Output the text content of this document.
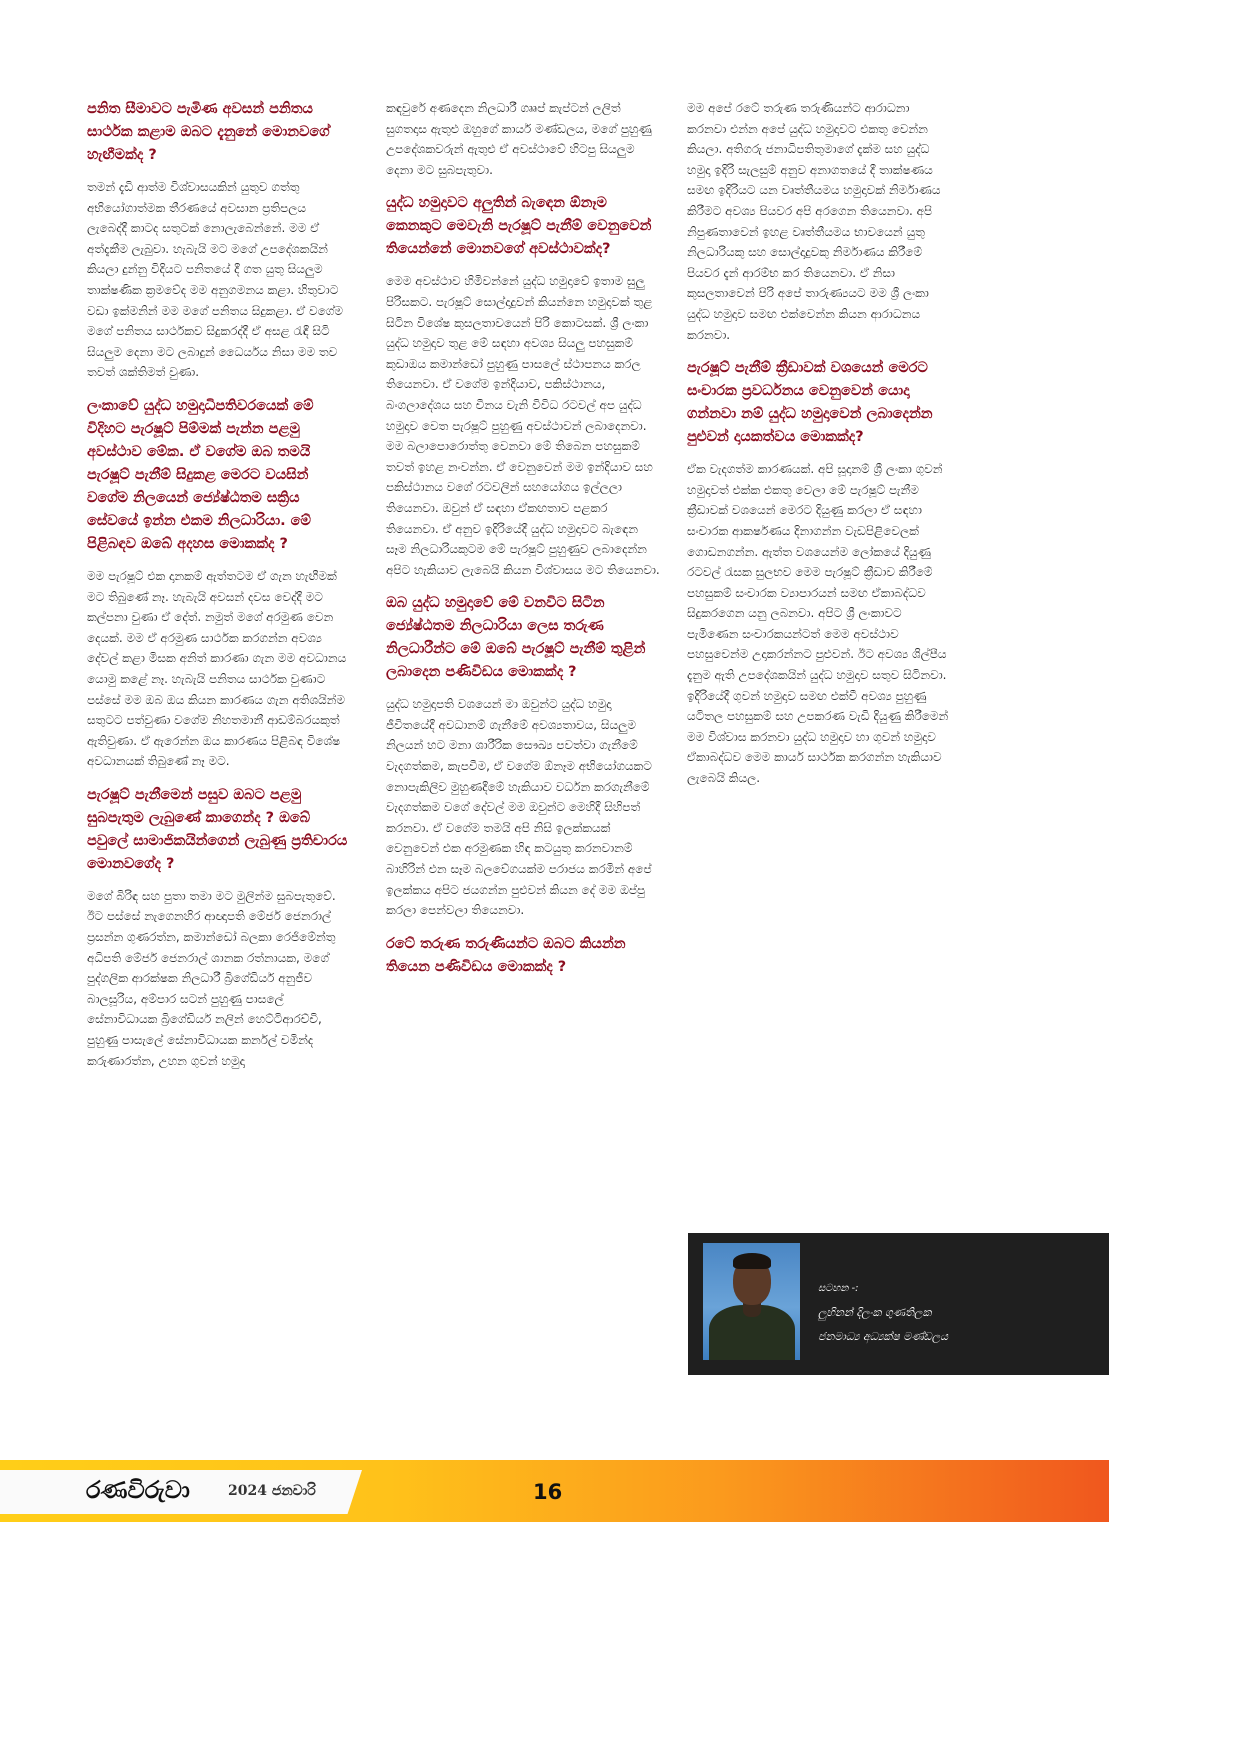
පනිත සීමාවට පැමිණ අවසන් පනිතය සාර්ථක කළාම ඔබට දැනුනේ මොනවගේ හැඟීමක්ද ?
තමන් දැඩි ආත්ම විශ්වාසයකින් යුතුව ගත්තු අභියෝගාත්මක තීරණයේ අවසාන ප්‍රතිපලය ලැබෙද්දී කාටද සතුටක් නොලැබෙන්නේ. මම ඒ අත්දැකීම ලැබුවා. හැබැයි මට මගේ උපදේශකයින් කියලා දුන්නු විදියට පනිතයේ දී ගත යුතු සියලුම තාක්ෂණික ක්‍රමවේද මම අනුගමනය කළා. හිතුවාට වඩා ඉක්මනින් මම මගේ පනිතය සිදුකළා. ඒ වගේම මගේ පනිතය සාර්ථකව සිදුකරද්දී ඒ අසළ රැඳී සිටි සියලුම දෙනා මට ලබාදුන් ධෛර්යය නිසා මම තව තවත් ශක්තිමත් වුණා.
ලංකාවේ යුද්ධ හමුදාධිපතිවරයෙක් මේ විදිහට පැරෂූට් පිම්මක් පැන්න පළමු අවස්ථාව මේක. ඒ වගේම ඔබ තමයි පැරෂූට් පැනීම් සිදුකළ මෙරට වයසින් වගේම නිලයෙන් ජ්‍යේෂ්ඨතම සක්‍රිය සේවයේ ඉන්න එකම නිලධාරියා. මේ පිළිබඳව ඔබේ අදහස මොකක්ද ?
මම පැරෂූට් එක දානකම් ඇත්තටම ඒ ගැන හැඟීමක් මට තිබුණේ නෑ. හැබැයි අවසන් දවස වෙද්දී මට කල්පනා වුණා ඒ දේත්. නමුත් මගේ අරමුණ වෙන දෙයක්. මම ඒ අරමුණ සාර්ථක කරගන්න අවශ්‍ය දේවල් කළා මිසක අනිත් කාරණා ගැන මම අවධානය යොමු කළේ නෑ. හැබැයි පනිතය සාර්ථක වුණාට පස්සේ මම ඔබ ඔය කියන කාරණය ගැන අතිශයින්ම සතුටට පත්වුණා වගේම නිහතමානී ආඩම්බරයකුත් ඇතිවුණා. ඒ ඇරෙන්න ඔය කාරණය පිළිබඳ විශේෂ අවධානයක් තිබුණේ නෑ මට.
පැරෂූට් පැනීමෙන් පසුව ඔබට පළමු සුබපැතුම ලැබුණේ කාගෙන්ද ? ඔබේ පවුලේ සාමාජිකයින්ගෙන් ලැබුණු ප්‍රතිචාරය මොනවගේද ?
මගේ බිරිඳ සහ පුතා තමා මට මුලින්ම සුබපැතුවේ. ඊට පස්සේ නැගෙනහිර ආඥාපති මේජර් ජෙනරාල් ප්‍රසන්න ගුණරත්න, කමාන්ඩෝ බලකා රෙජිමේන්තු අධිපති මේජර් ජෙනරාල් ශානක රත්නායක, මගේ පුද්ගලික ආරක්ෂක නිලධාරී බ්‍රිගේඩියර් අනුජීව බාලසූරිය, අම්පාර සටන් පුහුණු පාසලේ සේනාවිධායක බ්‍රිගේඩියර් නලින් හෙට්ටිආරච්චි, පුහුණු පාසැලේ සේනාවිධායක කර්නල් චමින්ද කරුණාරත්න, උහන ගුවන් හමුදා
කඳවුරේ අණදෙන නිලධාරී ගෲප් කැප්ටන් ලලිත් සුගතදාස ඇතුළු ඔහුගේ කාර්ය මණ්ඩලය, මගේ පුහුණු උපදේශකවරුන් ඇතුළු ඒ අවස්ථාවේ හිටපු සියලුම දෙනා මට සුබපැතුවා.
යුද්ධ හමුදාවට අලුතින් බැඳෙන ඕනෑම කෙනකුට මෙවැනි පැරෂූට් පැනීම් වෙනුවෙන් තියෙන්නේ මොනවගේ අවස්ථාවක්ද?
මෙම අවස්ථාව හිමිවන්නේ යුද්ධ හමුදාවේ ඉතාම සුලු පිරිසකට. පැරෂූට් සොල්දාදුවන් කියන්නෙ හමුදාවක් තුළ සිටින විශේෂ කුසලතාවයෙන් පිරි කොටසක්. ශ්‍රී ලංකා යුද්ධ හමුදාව තුළ මේ සඳහා අවශ්‍ය සියලු පහසුකම් කුඩාඔය කමාන්ඩෝ පුහුණු පාසලේ ස්ථාපනය කරල තියෙනවා. ඒ වගේම ඉන්දියාව, පකිස්ථානය, බංගලාදේශය සහ චීනය වැනි විවිධ රටවල් අප යුද්ධ හමුදාව වෙත පැරෂූට් පුහුණු අවස්ථාවන් ලබාදෙනවා. මම බලාපොරොත්තු වෙනවා මේ තිබෙන පහසුකම් තවත් ඉහළ නංවන්න. ඒ වෙනුවෙන් මම ඉන්දියාව සහ පකිස්ථානය වගේ රටවලින් සහයෝගය ඉල්ලලා තියෙනවා. ඔවුන් ඒ සඳහා ඒකඟතාව පළකර තියෙනවා. ඒ අනුව ඉදිරියේදී යුද්ධ හමුදාවට බැඳෙන සෑම නිලධාරියකුටම මේ පැරෂූට් පුහුණුව ලබාදෙන්න අපිට හැකියාව ලැබෙයි කියන විශ්වාසය මට තියෙනවා.
ඔබ යුද්ධ හමුදාවේ මේ වනවිට සිටින ජ්‍යේෂ්ඨතම නිලධාරියා ලෙස තරුණ නිලධාරීන්ට මේ ඔබේ පැරෂූට් පැනීම් තුළින් ලබාදෙන පණිවිඩය මොකක්ද ?
යුද්ධ හමුදාපති වශයෙන් මා ඔවුන්ට යුද්ධ හමුදා ජීවිතයේදී අවධානම් ගැනීමේ අවශ්‍යතාවය, සියලුම නිලයන් හට මනා ශාරීරික සෞඛ්‍ය පවත්වා ගැනීමේ වැදගත්කම, කැපවීම, ඒ වගේම ඕනෑම අභියෝගයකට නොපැකිලිව මුහුණදීමේ හැකියාව වර්ධන කරගැනීමේ වැදගත්කම වගේ දේවල් මම ඔවුන්ට මෙහිදී සිහිපත් කරනවා. ඒ වගේම තමයි අපි නිසි ඉලක්කයක් වෙනුවෙන් එක අරමුණක හිඳ කටයුතු කරනවානම් බාහිරින් එන සෑම බලවේගයක්ම පරාජය කරමින් අපේ ඉලක්කය අපිට ජයගන්න පුළුවන් කියන දේ මම ඔප්පු කරලා පෙන්වලා තියෙනවා.
රටේ තරුණ තරුණියන්ට ඔබට කියන්න තියෙන පණිවිඩය මොකක්ද ?
මම අපේ රටේ තරුණ තරුණියන්ට ආරාධනා කරනවා එන්න අපේ යුද්ධ හමුදාවට එකතු වෙන්න කියලා. අතිගරු ජනාධිපතිතුමාගේ දැක්ම සහ යුද්ධ හමුදා ඉදිරි සැලසුම් අනුව අනාගතයේ දී තාක්ෂණය සමඟ ඉදිරියට යන වෘත්තීයමය හමුදාවක් නිර්මාණය කිරීමට අවශ්‍ය පියවර අපි අරගෙන තියෙනවා. අපි නිපුණතාවෙන් ඉහළ වෘත්තීයමය භාවයෙන් යුතු නිලධාරියකු සහ සොල්දාදුවකු නිර්මාණය කිරීමේ පියවර දැන් ආරම්භ කර තියෙනවා. ඒ නිසා කුසලතාවෙන් පිරි අපේ තාරුණ්‍යයට මම ශ්‍රී ලංකා යුද්ධ හමුදාව සමඟ එක්වෙන්න කියන ආරාධනය කරනවා.
පැරෂූට් පැනීම් ක්‍රීඩාවක් වශයෙන් මෙරට සංචාරක ප්‍රවර්ධනය වෙනුවෙන් යොදා ගන්නවා නම් යුද්ධ හමුදාවෙන් ලබාදෙන්න පුළුවන් දායකත්වය මොකක්ද?
ඒක වැදගත්ම කාරණයක්. අපි සූදානම් ශ්‍රී ලංකා ගුවන් හමුදාවත් එක්ක එකතු වෙලා මේ පැරෂූට් පැනීම ක්‍රීඩාවක් වශයෙන් මෙරට දියුණු කරලා ඒ සඳහා සංචාරක ආකර්ෂණය දිනාගන්න වැඩපිළිවෙලක් ගොඩනගන්න. ඇත්ත වශයෙන්ම ලෝකයේ දියුණු රටවල් රැසක සුලභව මෙම පැරෂූට් ක්‍රීඩාව කිරීමේ පහසුකම් සංචාරක ව්‍යාපාරයන් සමඟ ඒකාබද්ධව සිදුකරගෙන යනු ලබනවා. අපිට ශ්‍රී ලංකාවට පැමිණෙන සංචාරකයන්ටත් මෙම අවස්ථාව පහසුවෙන්ම උදාකරන්නට පුළුවන්. ඊට අවශ්‍ය ශිල්පීය දැනුම ඇති උපදේශකයින් යුද්ධ හමුදාව සතුව සිටිනවා. ඉදිරියේදී ගුවන් හමුදාව සමඟ එක්වී අවශ්‍ය පුහුණු යටිතල පහසුකම් සහ උපකරණ වැඩි දියුණු කිරීමෙන් මම විශ්වාස කරනවා යුද්ධ හමුදාව හා ගුවන් හමුදාව ඒකාබද්ධව මෙම කාර්ය සාර්ථක කරගන්න හැකියාව ලැබෙයි කියල.
සටහන -:
ලුහිනන් දිලංක ගුණතිලක
ජනමාධ්‍ය අධ්‍යක්ෂ මණ්ඩලය
රණවිරුවා	2024 ජනවාරි	16
